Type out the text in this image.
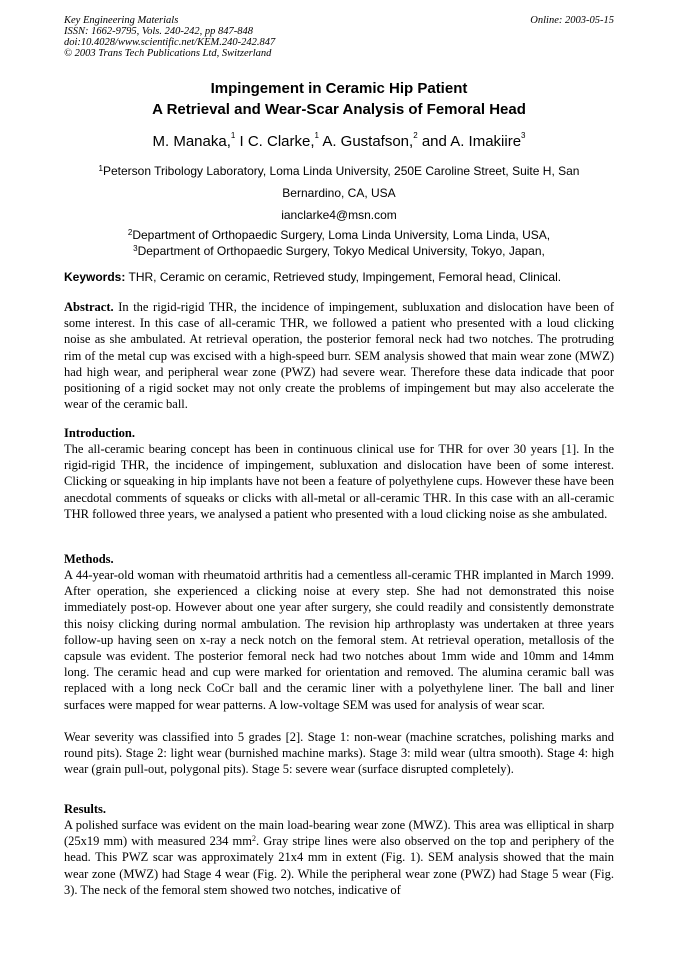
Key Engineering Materials
ISSN: 1662-9795, Vols. 240-242, pp 847-848
doi:10.4028/www.scientific.net/KEM.240-242.847
© 2003 Trans Tech Publications Ltd, Switzerland
Online: 2003-05-15
Impingement in Ceramic Hip Patient
A Retrieval and Wear-Scar Analysis of Femoral Head
M. Manaka,$^1$ I C. Clarke,$^1$ A. Gustafson,$^2$ and A. Imakiire$^3$
$^1$Peterson Tribology Laboratory, Loma Linda University, 250E Caroline Street, Suite H, San
Bernardino, CA, USA
ianclarke4@msn.com
$^2$Department of Orthopaedic Surgery, Loma Linda University, Loma Linda, USA,
$^3$Department of Orthopaedic Surgery, Tokyo Medical University, Tokyo, Japan,
Keywords: THR, Ceramic on ceramic, Retrieved study, Impingement, Femoral head, Clinical.
Abstract. In the rigid-rigid THR, the incidence of impingement, subluxation and dislocation have been of some interest. In this case of all-ceramic THR, we followed a patient who presented with a loud clicking noise as she ambulated. At retrieval operation, the posterior femoral neck had two notches. The protruding rim of the metal cup was excised with a high-speed burr. SEM analysis showed that main wear zone (MWZ) had high wear, and peripheral wear zone (PWZ) had severe wear. Therefore these data indicade that poor positioning of a rigid socket may not only create the problems of impingement but may also accelerate the wear of the ceramic ball.
Introduction.
The all-ceramic bearing concept has been in continuous clinical use for THR for over 30 years [1]. In the rigid-rigid THR, the incidence of impingement, subluxation and dislocation have been of some interest. Clicking or squeaking in hip implants have not been a feature of polyethylene cups. However these have been anecdotal comments of squeaks or clicks with all-metal or all-ceramic THR. In this case with an all-ceramic THR followed three years, we analysed a patient who presented with a loud clicking noise as she ambulated.
Methods.
A 44-year-old woman with rheumatoid arthritis had a cementless all-ceramic THR implanted in March 1999. After operation, she experienced a clicking noise at every step. She had not demonstrated this noise immediately post-op. However about one year after surgery, she could readily and consistently demonstrate this noisy clicking during normal ambulation. The revision hip arthroplasty was undertaken at three years follow-up having seen on x-ray a neck notch on the femoral stem. At retrieval operation, metallosis of the capsule was evident. The posterior femoral neck had two notches about 1mm wide and 10mm and 14mm long. The ceramic head and cup were marked for orientation and removed. The alumina ceramic ball was replaced with a long neck CoCr ball and the ceramic liner with a polyethylene liner. The ball and liner surfaces were mapped for wear patterns. A low-voltage SEM was used for analysis of wear scar.
Wear severity was classified into 5 grades [2]. Stage 1: non-wear (machine scratches, polishing marks and round pits). Stage 2: light wear (burnished machine marks). Stage 3: mild wear (ultra smooth). Stage 4: high wear (grain pull-out, polygonal pits). Stage 5: severe wear (surface disrupted completely).
Results.
A polished surface was evident on the main load-bearing wear zone (MWZ). This area was elliptical in sharp (25x19 mm) with measured 234 $mm^2$. Gray stripe lines were also observed on the top and periphery of the head. This PWZ scar was approximately 21x4 mm in extent (Fig. 1). SEM analysis showed that the main wear zone (MWZ) had Stage 4 wear (Fig. 2). While the peripheral wear zone (PWZ) had Stage 5 wear (Fig. 3). The neck of the femoral stem showed two notches, indicative of
